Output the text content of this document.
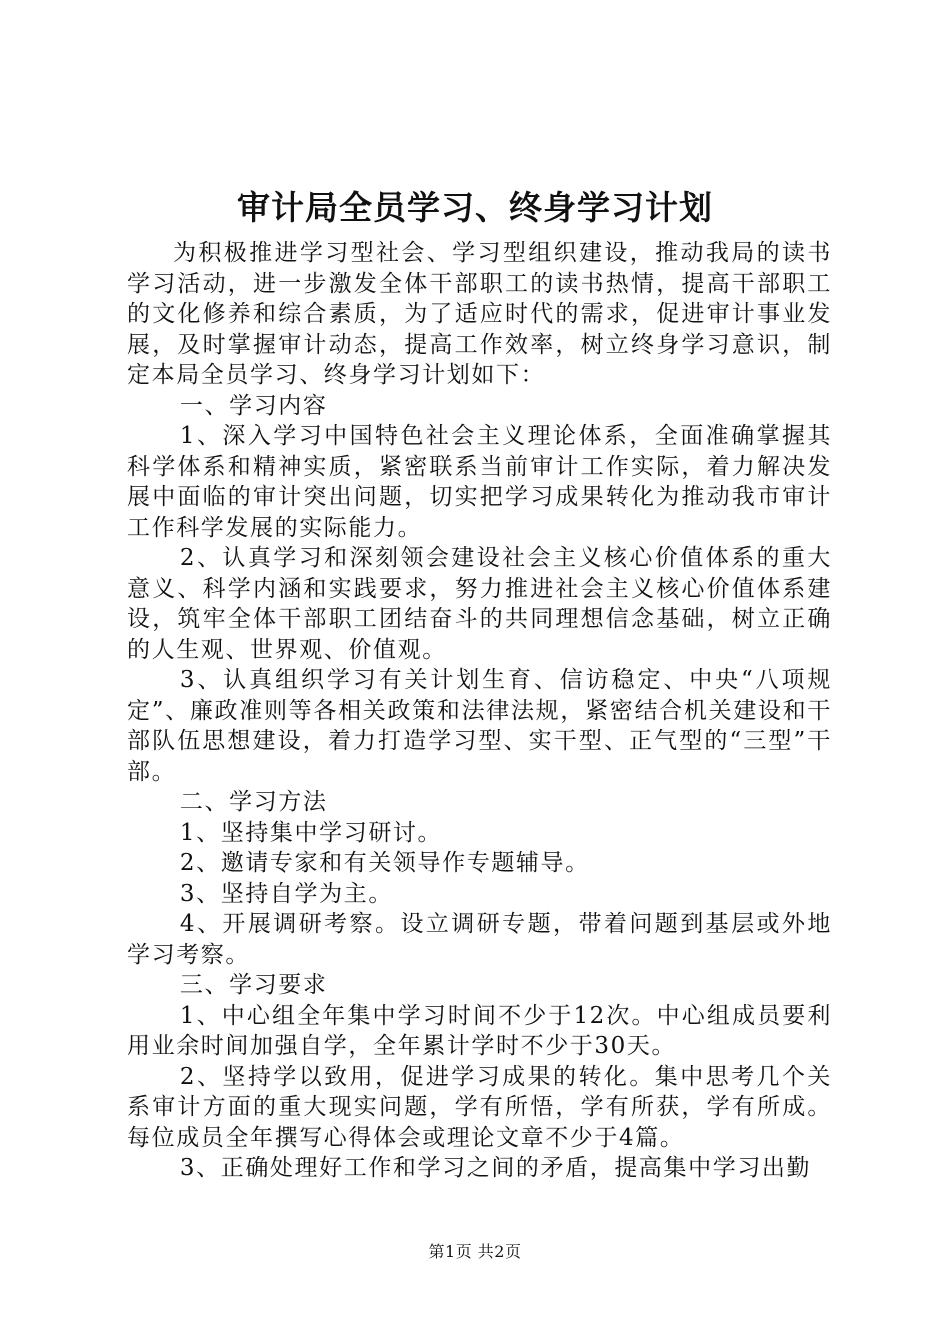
审计局全员学习、终身学习计划

为积极推进学习型社会、学习型组织建设，推动我局的读书学习活动，进一步激发全体干部职工的读书热情，提高干部职工的文化修养和综合素质，为了适应时代的需求，促进审计事业发展，及时掌握审计动态，提高工作效率，树立终身学习意识，制定本局全员学习、终身学习计划如下：

一、学习内容

1、深入学习中国特色社会主义理论体系，全面准确掌握其科学体系和精神实质，紧密联系当前审计工作实际，着力解决发展中面临的审计突出问题，切实把学习成果转化为推动我市审计工作科学发展的实际能力。

2、认真学习和深刻领会建设社会主义核心价值体系的重大意义、科学内涵和实践要求，努力推进社会主义核心价值体系建设，筑牢全体干部职工团结奋斗的共同理想信念基础，树立正确的人生观、世界观、价值观。

3、认真组织学习有关计划生育、信访稳定、中央“八项规定”、廉政准则等各相关政策和法律法规，紧密结合机关建设和干部队伍思想建设，着力打造学习型、实干型、正气型的“三型”干部。

二、学习方法

1、坚持集中学习研讨。

2、邀请专家和有关领导作专题辅导。

3、坚持自学为主。

4、开展调研考察。设立调研专题，带着问题到基层或外地学习考察。

三、学习要求

1、中心组全年集中学习时间不少于12次。中心组成员要利用业余时间加强自学，全年累计学时不少于30天。

2、坚持学以致用，促进学习成果的转化。集中思考几个关系审计方面的重大现实问题，学有所悟，学有所获，学有所成。每位成员全年撰写心得体会或理论文章不少于4篇。

3、正确处理好工作和学习之间的矛盾，提高集中学习出勤

第1页 共2页
